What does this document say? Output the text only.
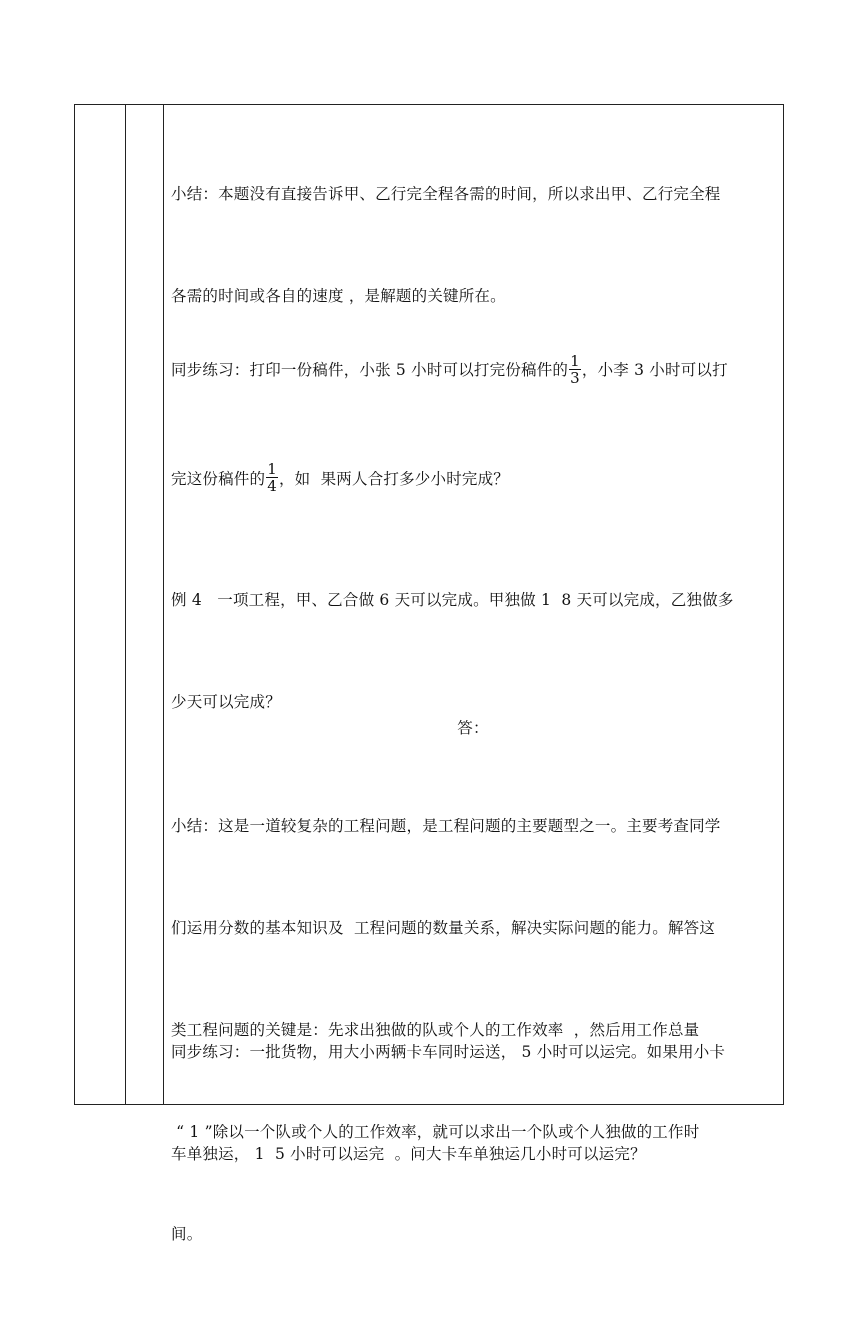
小结：本题没有直接告诉甲、乙行完全程各需的时间，所以求出甲、乙行完全程

各需的时间或各自的速度 ，是解题的关键所在。

同步练习：打印一份稿件，小张 5 小时可以打完份稿件的 $\frac{1}{3}$ ，小李 3 小时可以打

完这份稿件的 $\frac{1}{4}$ ，如  果两人合打多少小时完成？

例 4   一项工程，甲、乙合做 6 天可以完成。甲独做 1  8 天可以完成，乙独做多

少天可以完成？

答：

小结：这是一道较复杂的工程问题，是工程问题的主要题型之一。主要考查同学

们运用分数的基本知识及  工程问题的数量关系，解决实际问题的能力。解答这

类工程问题的关键是：先求出独做的队或个人的工作效率  ，然后用工作总量

“ 1 ”除以一个队或个人的工作效率，就可以求出一个队或个人独做的工作时

间。

同步练习：一批货物，用大小两辆卡车同时运送， 5 小时可以运完。如果用小卡

车单独运， 1  5 小时可以运完  。问大卡车单独运几小时可以运完？
